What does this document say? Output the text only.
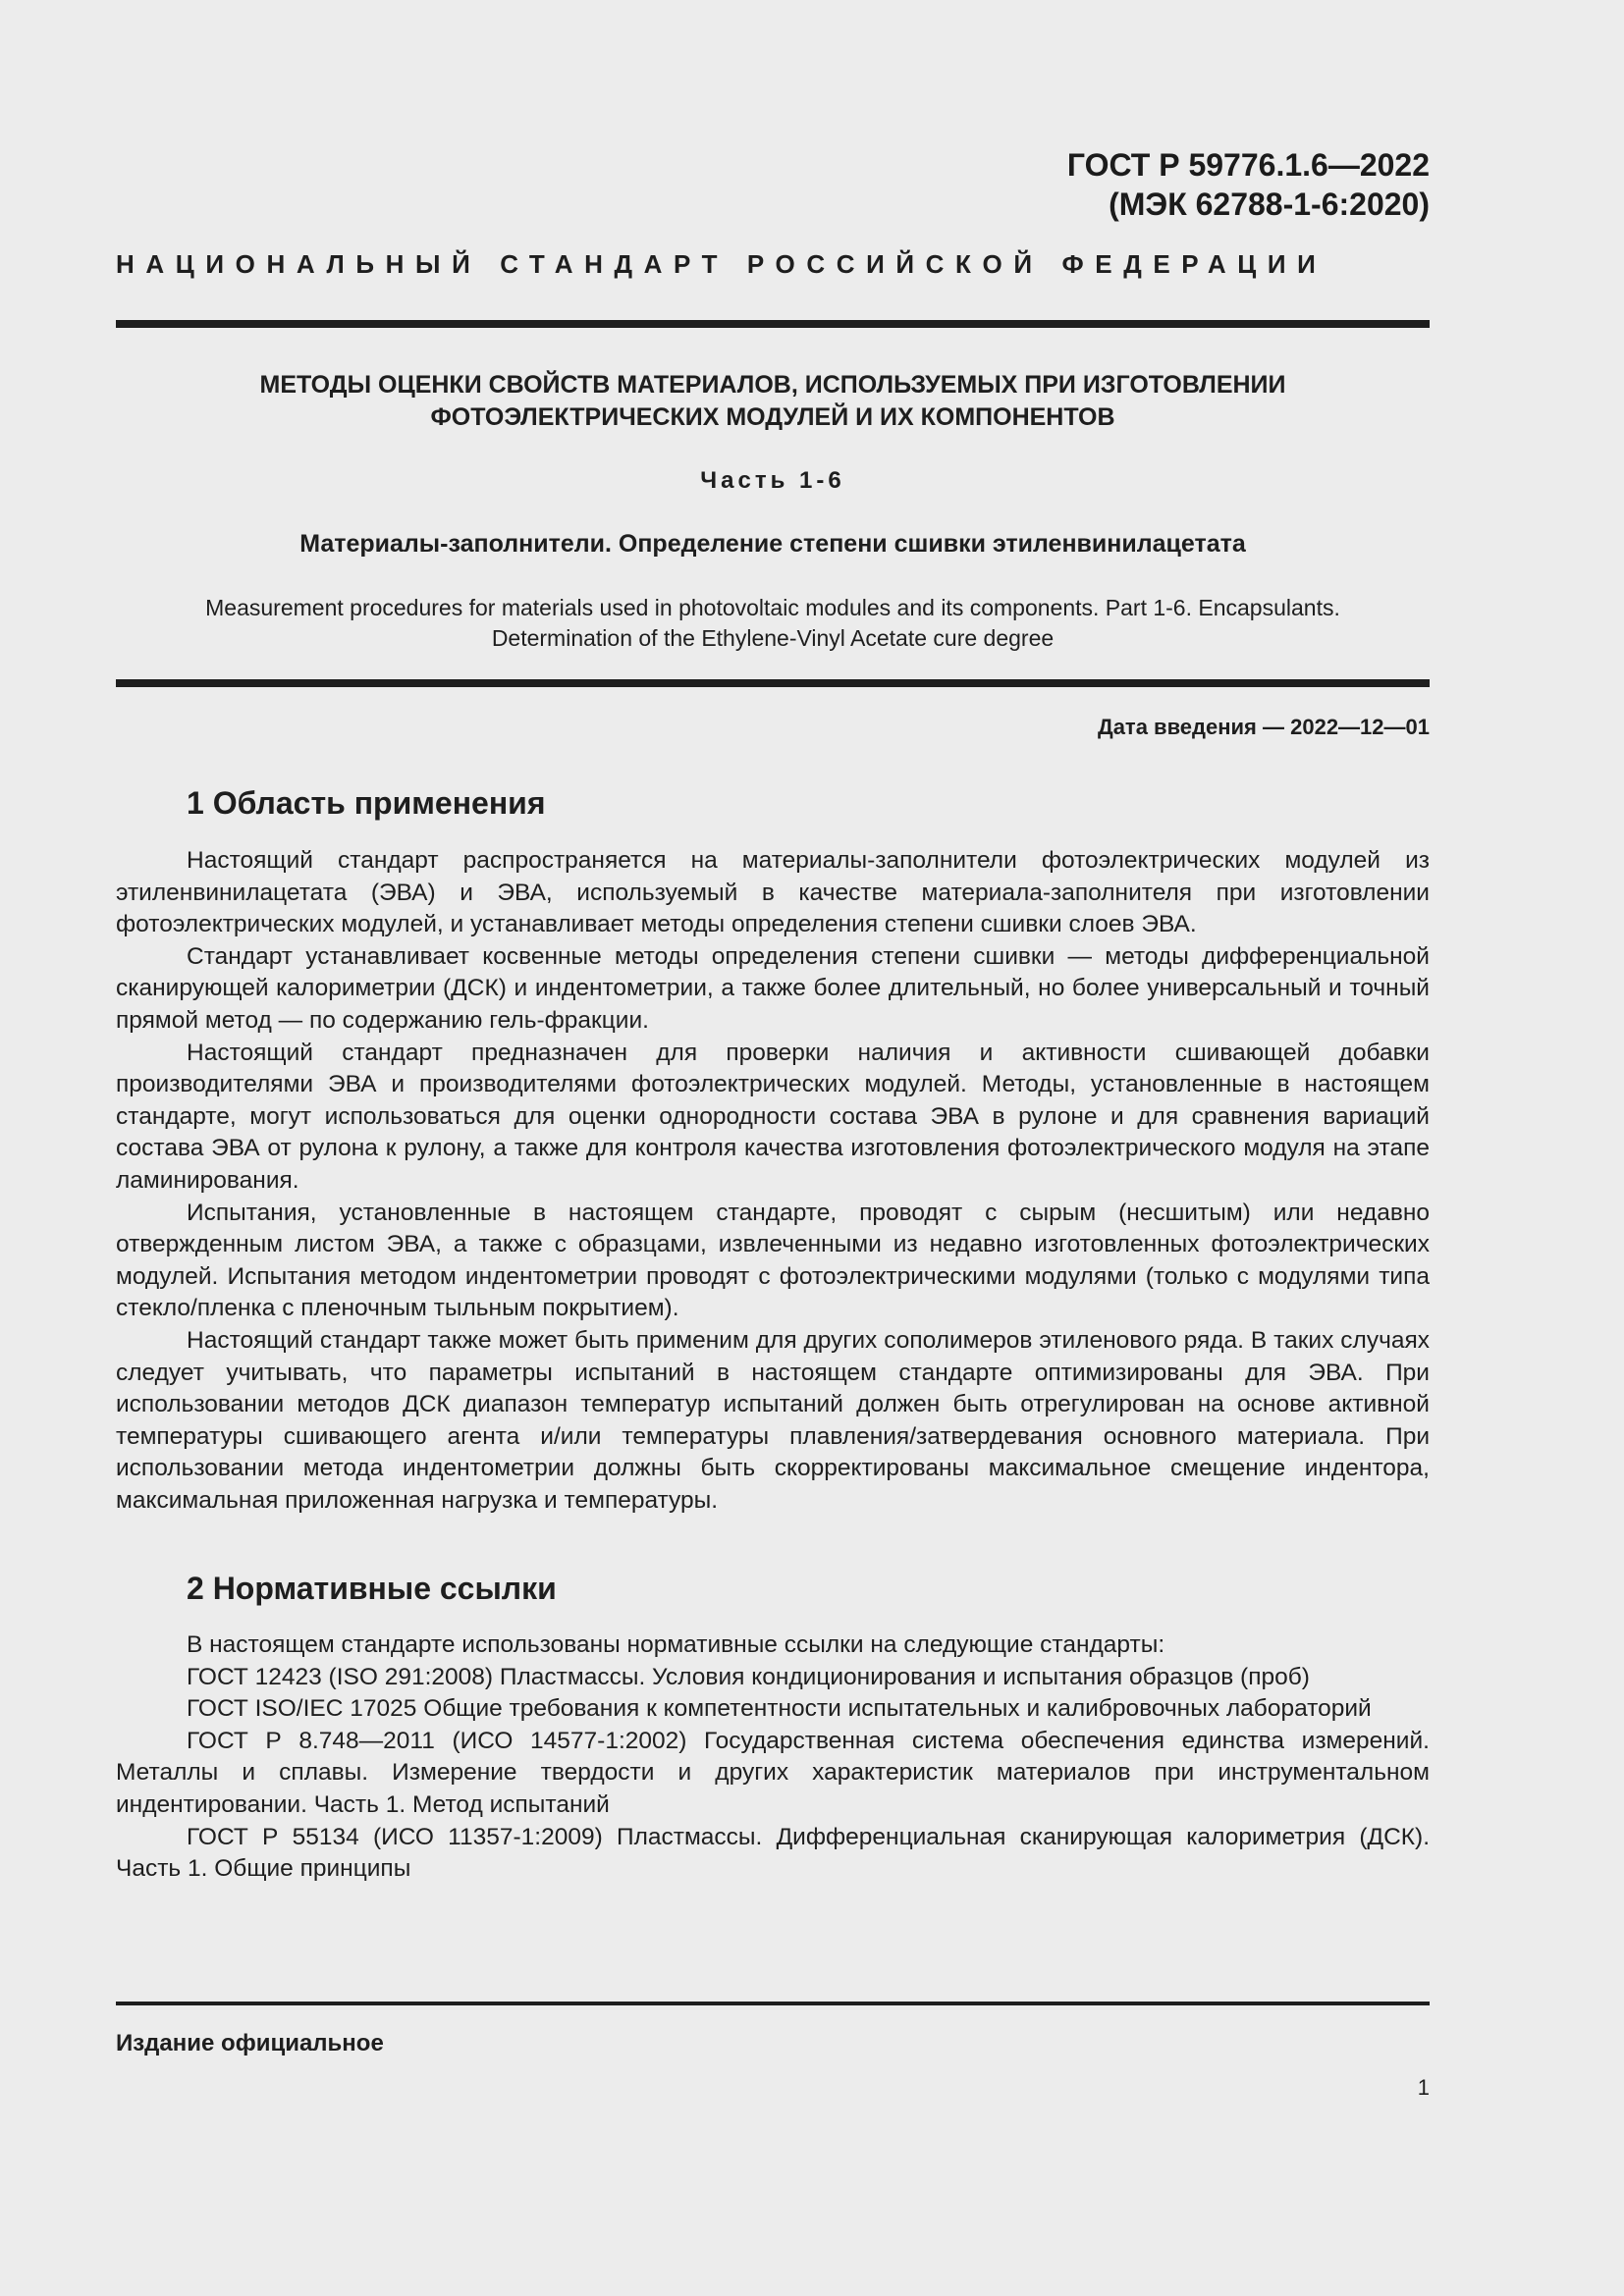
ГОСТ Р 59776.1.6—2022
(МЭК 62788-1-6:2020)
НАЦИОНАЛЬНЫЙ СТАНДАРТ РОССИЙСКОЙ ФЕДЕРАЦИИ
МЕТОДЫ ОЦЕНКИ СВОЙСТВ МАТЕРИАЛОВ, ИСПОЛЬЗУЕМЫХ ПРИ ИЗГОТОВЛЕНИИ
ФОТОЭЛЕКТРИЧЕСКИХ МОДУЛЕЙ И ИХ КОМПОНЕНТОВ
Часть 1-6
Материалы-заполнители. Определение степени сшивки этиленвинилацетата
Measurement procedures for materials used in photovoltaic modules and its components. Part 1-6. Encapsulants.
Determination of the Ethylene-Vinyl Acetate cure degree
Дата введения — 2022—12—01
1 Область применения

Настоящий стандарт распространяется на материалы-заполнители фотоэлектрических модулей из этиленвинилацетата (ЭВА) и ЭВА, используемый в качестве материала-заполнителя при изготовлении фотоэлектрических модулей, и устанавливает методы определения степени сшивки слоев ЭВА.

Стандарт устанавливает косвенные методы определения степени сшивки — методы дифференциальной сканирующей калориметрии (ДСК) и индентометрии, а также более длительный, но более универсальный и точный прямой метод — по содержанию гель-фракции.

Настоящий стандарт предназначен для проверки наличия и активности сшивающей добавки производителями ЭВА и производителями фотоэлектрических модулей. Методы, установленные в настоящем стандарте, могут использоваться для оценки однородности состава ЭВА в рулоне и для сравнения вариаций состава ЭВА от рулона к рулону, а также для контроля качества изготовления фотоэлектрического модуля на этапе ламинирования.

Испытания, установленные в настоящем стандарте, проводят с сырым (несшитым) или недавно отвержденным листом ЭВА, а также с образцами, извлеченными из недавно изготовленных фотоэлектрических модулей. Испытания методом индентометрии проводят с фотоэлектрическими модулями (только с модулями типа стекло/пленка с пленочным тыльным покрытием).

Настоящий стандарт также может быть применим для других сополимеров этиленового ряда. В таких случаях следует учитывать, что параметры испытаний в настоящем стандарте оптимизированы для ЭВА. При использовании методов ДСК диапазон температур испытаний должен быть отрегулирован на основе активной температуры сшивающего агента и/или температуры плавления/затвердевания основного материала. При использовании метода индентометрии должны быть скорректированы максимальное смещение индентора, максимальная приложенная нагрузка и температуры.

2 Нормативные ссылки

В настоящем стандарте использованы нормативные ссылки на следующие стандарты:

ГОСТ 12423 (ISO 291:2008) Пластмассы. Условия кондиционирования и испытания образцов (проб)

ГОСТ ISO/IEC 17025 Общие требования к компетентности испытательных и калибровочных лабораторий

ГОСТ Р 8.748—2011 (ИСО 14577-1:2002) Государственная система обеспечения единства измерений. Металлы и сплавы. Измерение твердости и других характеристик материалов при инструментальном индентировании. Часть 1. Метод испытаний

ГОСТ Р 55134 (ИСО 11357-1:2009) Пластмассы. Дифференциальная сканирующая калориметрия (ДСК). Часть 1. Общие принципы

Издание официальное
1
